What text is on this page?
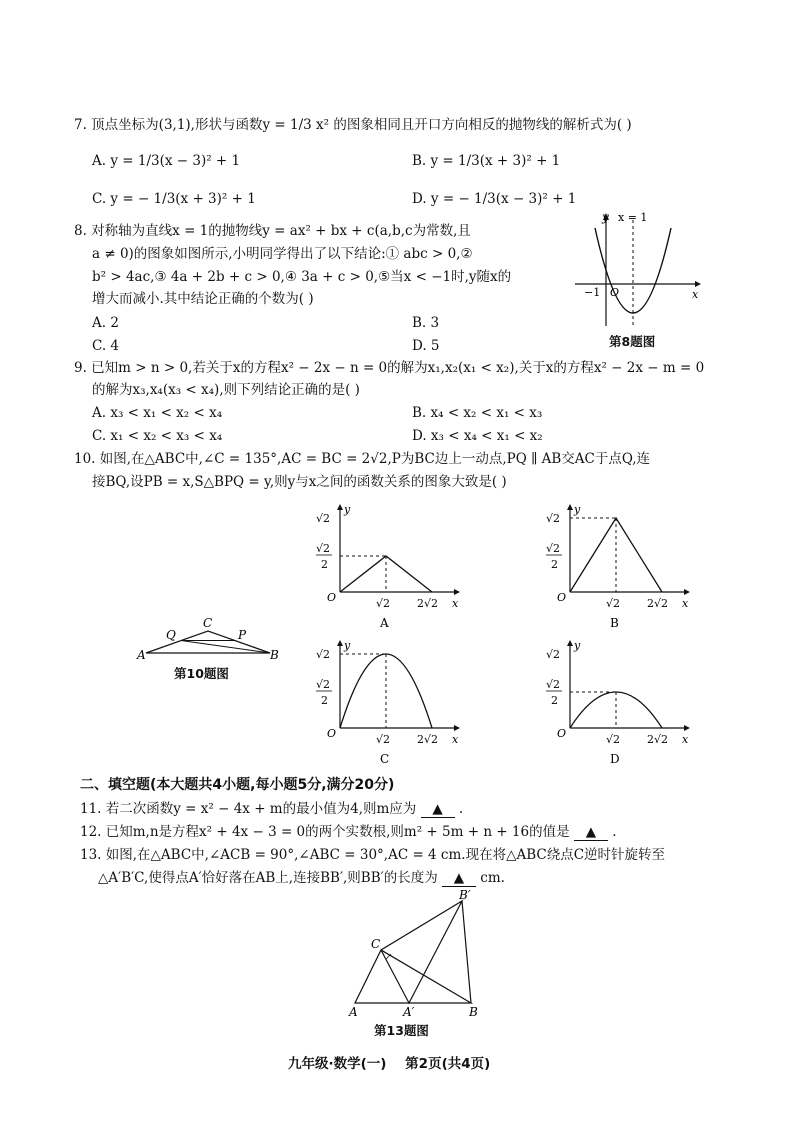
7. 顶点坐标为(3,1),形状与函数y = 1/3 x² 的图象相同且开口方向相反的抛物线的解析式为( )
A. y = 1/3(x − 3)² + 1	B. y = 1/3(x + 3)² + 1
C. y = − 1/3(x + 3)² + 1	D. y = − 1/3(x − 3)² + 1
8. 对称轴为直线x = 1的抛物线y = ax² + bx + c(a,b,c为常数,且
a ≠ 0)的图象如图所示,小明同学得出了以下结论:① abc > 0,②
b² > 4ac,③ 4a + 2b + c > 0,④ 3a + c > 0,⑤当x < −1时,y随x的
增大而减小.其中结论正确的个数为( )
A. 2	B. 3
C. 4	D. 5
y x = 1
x
O
−1
第8题图
9. 已知m > n > 0,若关于x的方程x² − 2x − n = 0的解为x₁,x₂(x₁ < x₂),关于x的方程x² − 2x − m = 0
的解为x₃,x₄(x₃ < x₄),则下列结论正确的是( )
A. x₃ < x₁ < x₂ < x₄	B. x₄ < x₂ < x₁ < x₃
C. x₁ < x₂ < x₃ < x₄	D. x₃ < x₄ < x₁ < x₂
10. 如图,在△ABC中,∠C = 135°,AC = BC = 2√2,P为BC边上一动点,PQ ∥ AB交AC于点Q,连
接BQ,设PB = x,S△BPQ = y,则y与x之间的函数关系的图象大致是( )
A	B
C
Q	P
第10题图
√2
√2
2
y
O	√2 2√2 x
A
√2
√2
2
y
O	√2 2√2 x
B
√2
√2
2
y
O	√2 2√2 x
C
√2
√2
2
y
O	√2 2√2 x
D
二、填空题(本大题共4小题,每小题5分,满分20分)
11. 若二次函数y = x² − 4x + m的最小值为4,则m应为 ▲ .
12. 已知m,n是方程x² + 4x − 3 = 0的两个实数根,则m² + 5m + n + 16的值是 ▲ .
13. 如图,在△ABC中,∠ACB = 90°,∠ABC = 30°,AC = 4 cm.现在将△ABC绕点C逆时针旋转至
△A′B′C,使得点A′恰好落在AB上,连接BB′,则BB′的长度为 ▲ cm.
A	A′	B
B′
C
第13题图
九年级·数学(一) 第2页(共4页)
